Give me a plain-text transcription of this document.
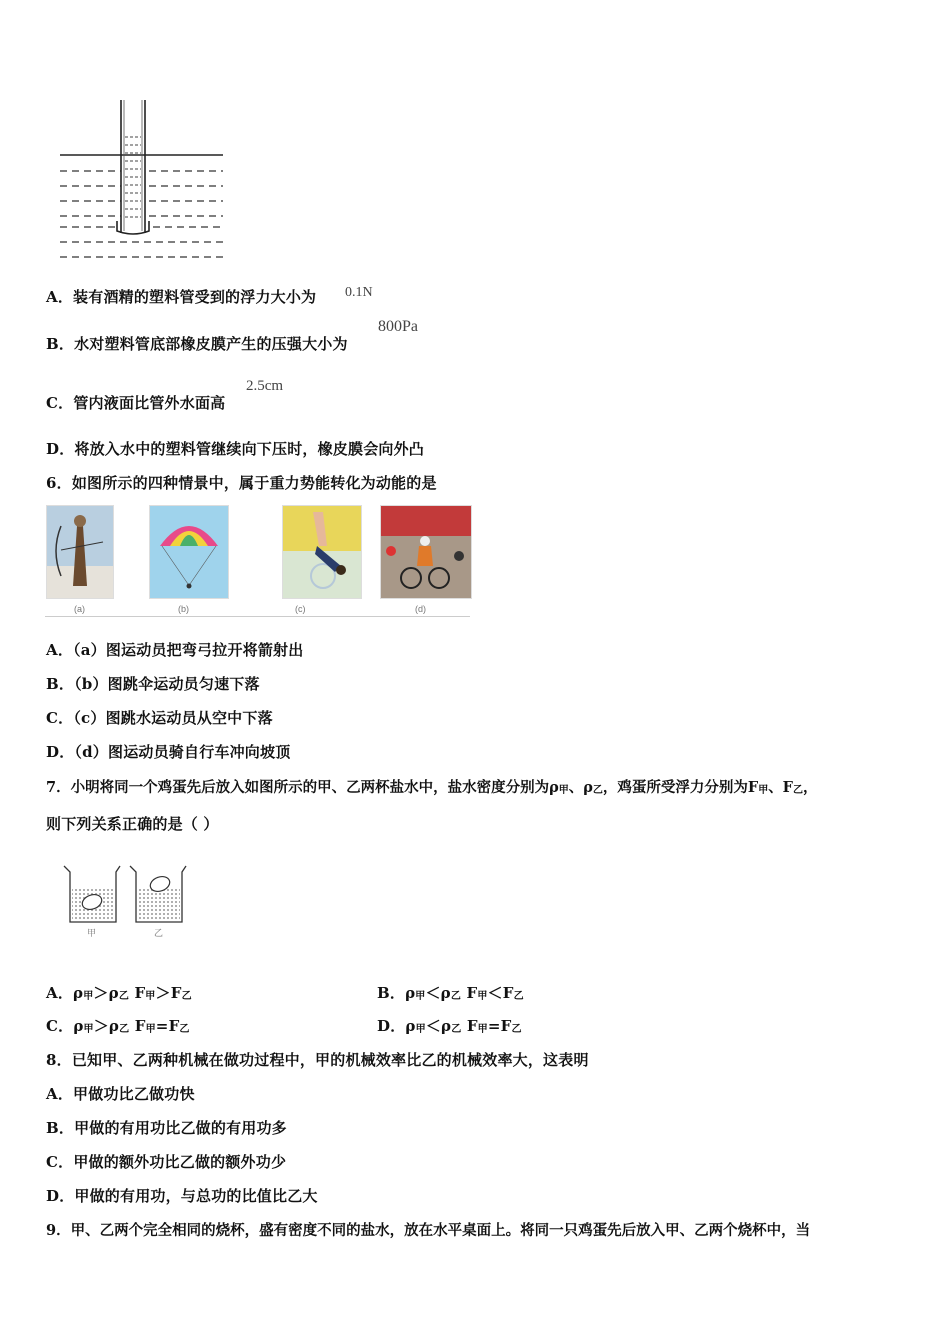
A．装有酒精的塑料管受到的浮力大小为 0.1N
B．水对塑料管底部橡皮膜产生的压强大小为
800Pa
C．管内液面比管外水面高
2.5cm
D．将放入水中的塑料管继续向下压时，橡皮膜会向外凸
6．如图所示的四种情景中，属于重力势能转化为动能的是
(a)	(b)	(c)	(d)
A．（a）图运动员把弯弓拉开将箭射出
B．（b）图跳伞运动员匀速下落
C．（c）图跳水运动员从空中下落
D．（d）图运动员骑自行车冲向坡顶
7．小明将同一个鸡蛋先后放入如图所示的甲、乙两杯盐水中，盐水密度分别为ρ甲、ρ乙，鸡蛋所受浮力分别为F甲、F乙，
则下列关系正确的是（ ）
甲	乙
A．ρ甲＞ρ乙 F甲＞F乙	B．ρ甲＜ρ乙 F甲＜F乙
C．ρ甲＞ρ乙 F甲=F乙	D．ρ甲＜ρ乙 F甲=F乙
8．已知甲、乙两种机械在做功过程中，甲的机械效率比乙的机械效率大，这表明
A．甲做功比乙做功快
B．甲做的有用功比乙做的有用功多
C．甲做的额外功比乙做的额外功少
D．甲做的有用功，与总功的比值比乙大
9．甲、乙两个完全相同的烧杯，盛有密度不同的盐水，放在水平桌面上。将同一只鸡蛋先后放入甲、乙两个烧杯中，当
